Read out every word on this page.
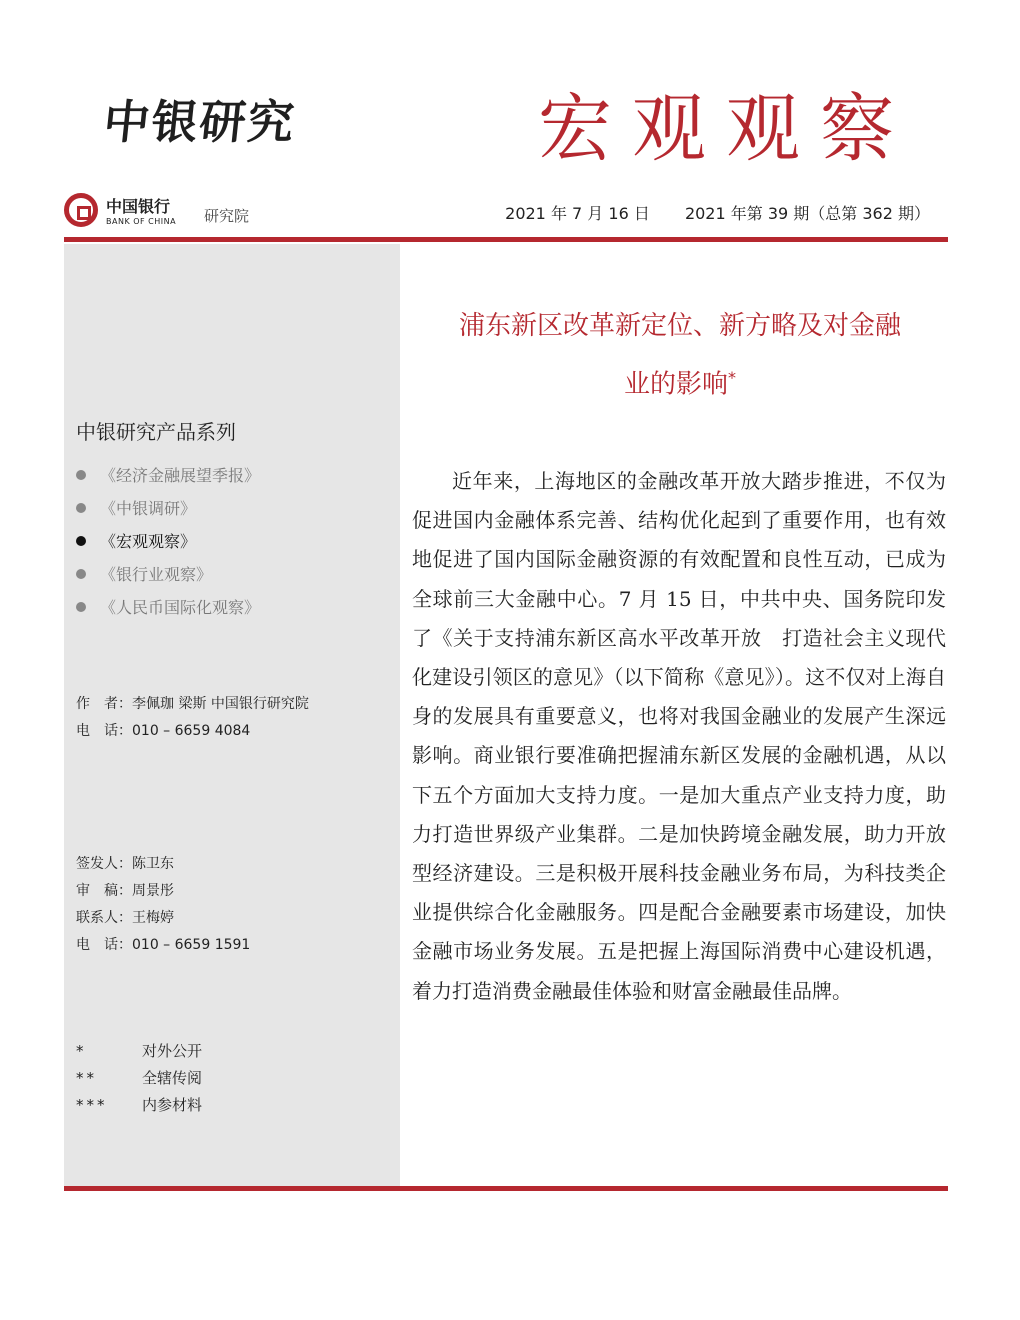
中银研究	宏观观察
中国银行
BANK OF CHINA 研究院	2021 年 7 月 16 日 2021 年第 39 期（总第 362 期）
中银研究产品系列
《经济金融展望季报》
《中银调研》
《宏观观察》
《银行业观察》
《人民币国际化观察》
作　者：李佩珈 梁斯 中国银行研究院
电　话：010 – 6659 4084
签发人：陈卫东
审　稿：周景彤
联系人：王梅婷
电　话：010 – 6659 1591
*	对外公开
**	全辖传阅
*** 内参材料
浦东新区改革新定位、新方略及对金融
业的影响*

近年来，上海地区的金融改革开放大踏步推进，不仅为促进国内金融体系完善、结构优化起到了重要作用，也有效地促进了国内国际金融资源的有效配置和良性互动，已成为全球前三大金融中心。7 月 15 日，中共中央、国务院印发了《关于支持浦东新区高水平改革开放　打造社会主义现代化建设引领区的意见》（以下简称《意见》）。这不仅对上海自身的发展具有重要意义，也将对我国金融业的发展产生深远影响。商业银行要准确把握浦东新区发展的金融机遇，从以下五个方面加大支持力度。一是加大重点产业支持力度，助力打造世界级产业集群。二是加快跨境金融发展，助力开放型经济建设。三是积极开展科技金融业务布局，为科技类企业提供综合化金融服务。四是配合金融要素市场建设，加快金融市场业务发展。五是把握上海国际消费中心建设机遇，着力打造消费金融最佳体验和财富金融最佳品牌。
